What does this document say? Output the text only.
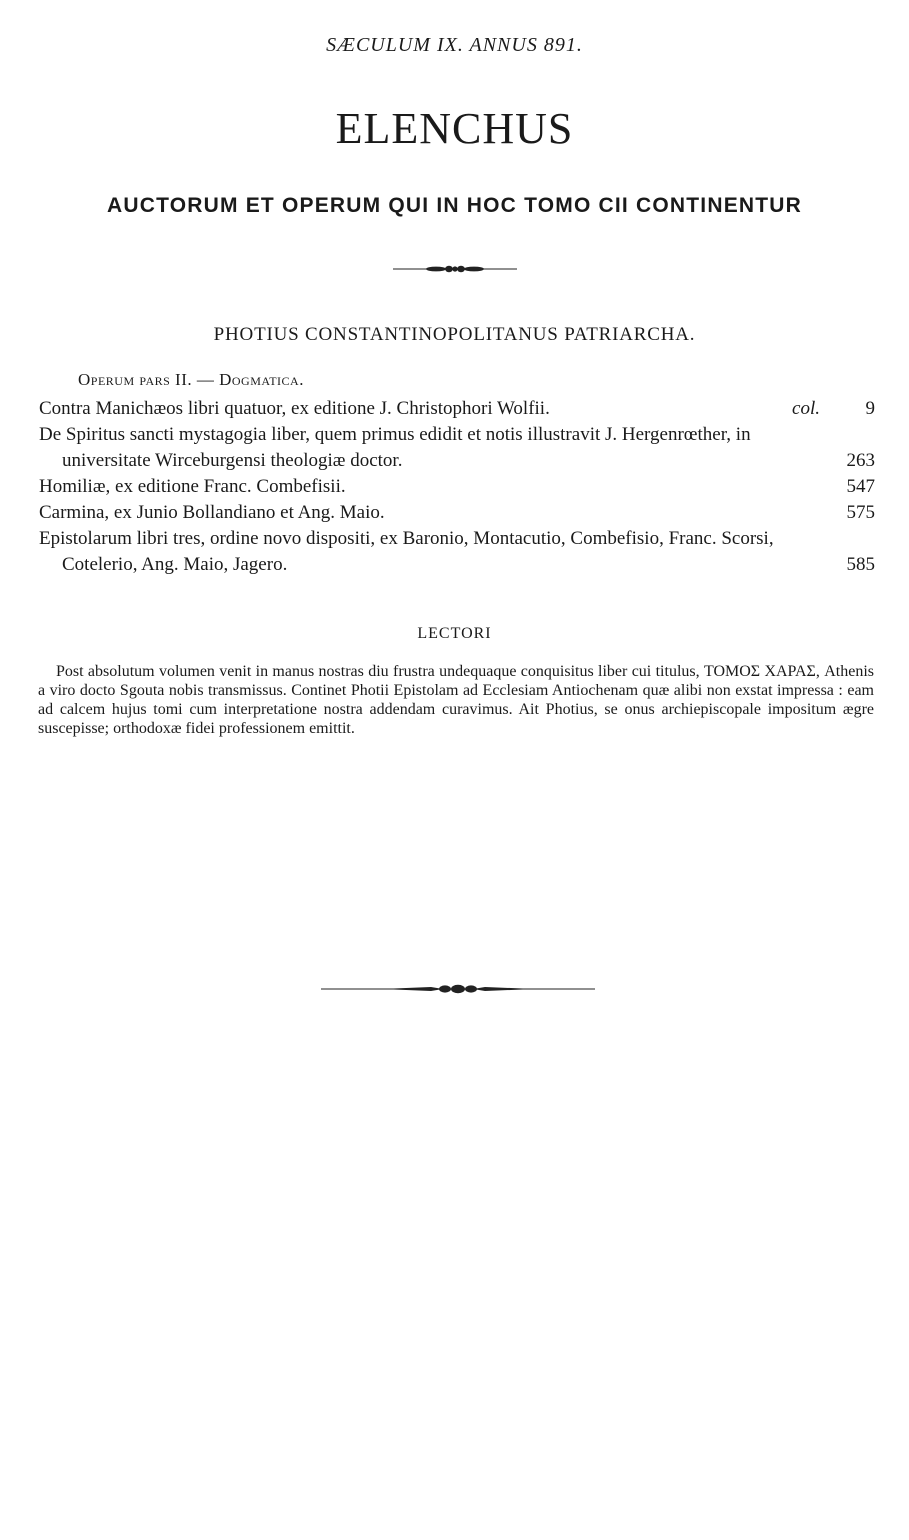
SÆCULUM IX. ANNUS 891.
ELENCHUS
AUCTORUM ET OPERUM QUI IN HOC TOMO CII CONTINENTUR
PHOTIUS CONSTANTINOPOLITANUS PATRIARCHA.
Operum pars II. — Dogmatica.
Contra Manichæos libri quatuor, ex editione J. Christophori Wolfii.	col. 9
De Spiritus sancti mystagogia liber, quem primus edidit et notis illustravit J. Hergenrœther, in universitate Wirceburgensi theologiæ doctor.	263
Homiliæ, ex editione Franc. Combefisii.	547
Carmina, ex Junio Bollandiano et Ang. Maio.	575
Epistolarum libri tres, ordine novo dispositi, ex Baronio, Montacutio, Combefisio, Franc. Scorsi, Cotelerio, Ang. Maio, Jagero.	585
LECTORI
Post absolutum volumen venit in manus nostras diu frustra undequaque conquisitus liber cui titulus, ΤΟΜΟΣ ΧΑΡΑΣ, Athenis a viro docto Sgouta nobis transmissus. Continet Photii Epistolam ad Ecclesiam Antiochenam quæ alibi non exstat impressa : eam ad calcem hujus tomi cum interpretatione nostra addendam curavimus. Ait Photius, se onus archiepiscopale impositum ægre suscepisse; orthodoxæ fidei professionem emittit.
